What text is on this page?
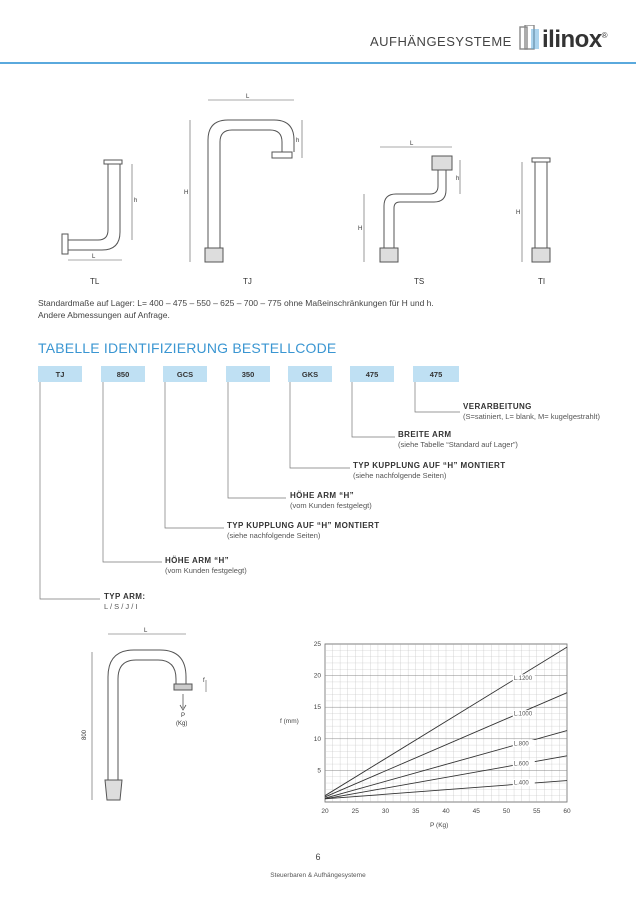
AUFHÄNGESYSTEME ilinox®
L
h
L
H
h	L
H
h
H
TL	TJ	TS	TI
Standardmaße auf Lager: L= 400 – 475 – 550 – 625 – 700 – 775 ohne Maßeinschränkungen für H und h.
Andere Abmessungen auf Anfrage.
TABELLE IDENTIFIZIERUNG BESTELLCODE
TJ	850	GCS	350	GKS	475	475
VERARBEITUNG
(S=satiniert, L= blank, M= kugelgestrahlt)
BREITE ARM
(siehe Tabelle “Standard auf Lager”)
TYP KUPPLUNG AUF “H” MONTIERT
(siehe nachfolgende Seiten)
HÖHE ARM “H”
(vom Kunden festgelegt)
TYP KUPPLUNG AUF “H” MONTIERT
(siehe nachfolgende Seiten)
HÖHE ARM “H”
(vom Kunden festgelegt)
TYP ARM:
L / S / J / I
L
f
P
(Kg)
800
L.1200
L.1000
L.800
L.600
L.400
20	25	30	35	40	45	50	55	60
5
10
15
20
25
f (mm)
P (Kg)
6
Steuerbaren & Aufhängesysteme
